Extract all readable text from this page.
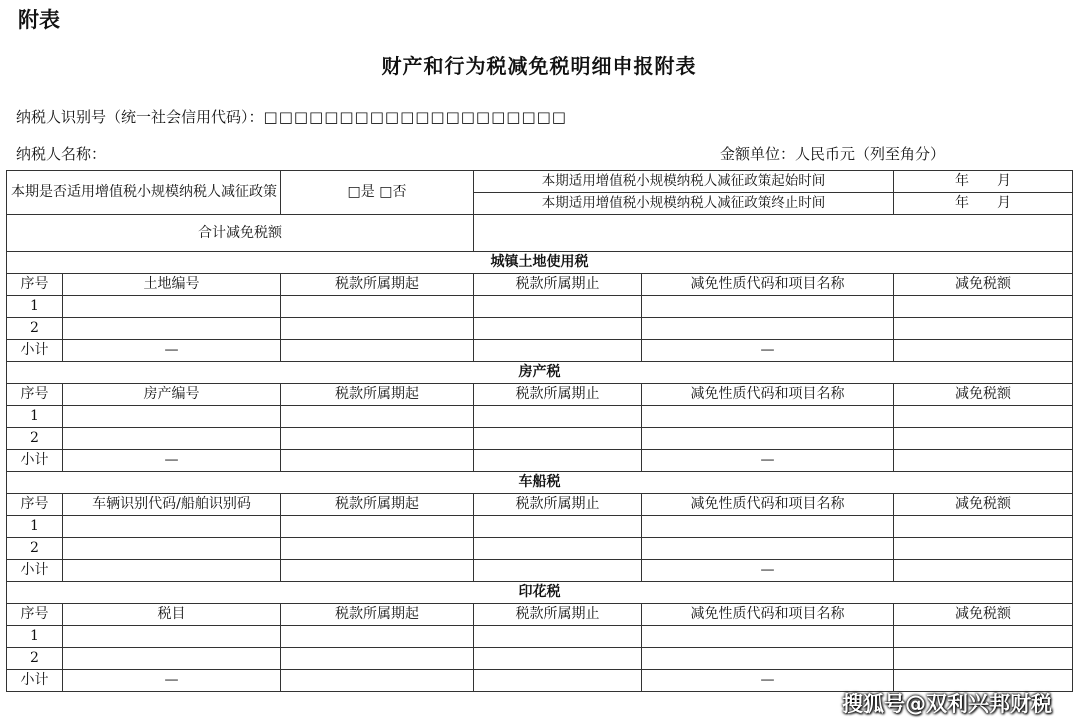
附表
财产和行为税减免税明细申报附表
纳税人识别号（统一社会信用代码）：□□□□□□□□□□□□□□□□□□□□
纳税人名称：	金额单位：人民币元（列至角分）
本期是否适用增值税小规模纳税人减征政策		□是 □否	本期适用增值税小规模纳税人减征政策起始时间		年　　月
			本期适用增值税小规模纳税人减征政策终止时间		年　　月
合计减免税额					
城镇土地使用税					
序号	土地编号	税款所属期起	税款所属期止	减免性质代码和项目名称	减免税额
1					
2					
小计	—			—	
房产税					
序号	房产编号	税款所属期起	税款所属期止	减免性质代码和项目名称	减免税额
1					
2					
小计	—			—	
车船税					
序号	车辆识别代码/船舶识别码	税款所属期起	税款所属期止	减免性质代码和项目名称	减免税额
1					
2					
小计				—	
印花税					
序号	税目	税款所属期起	税款所属期止	减免性质代码和项目名称	减免税额
1					
2					
小计	—			—	
搜狐号@双利兴邦财税
